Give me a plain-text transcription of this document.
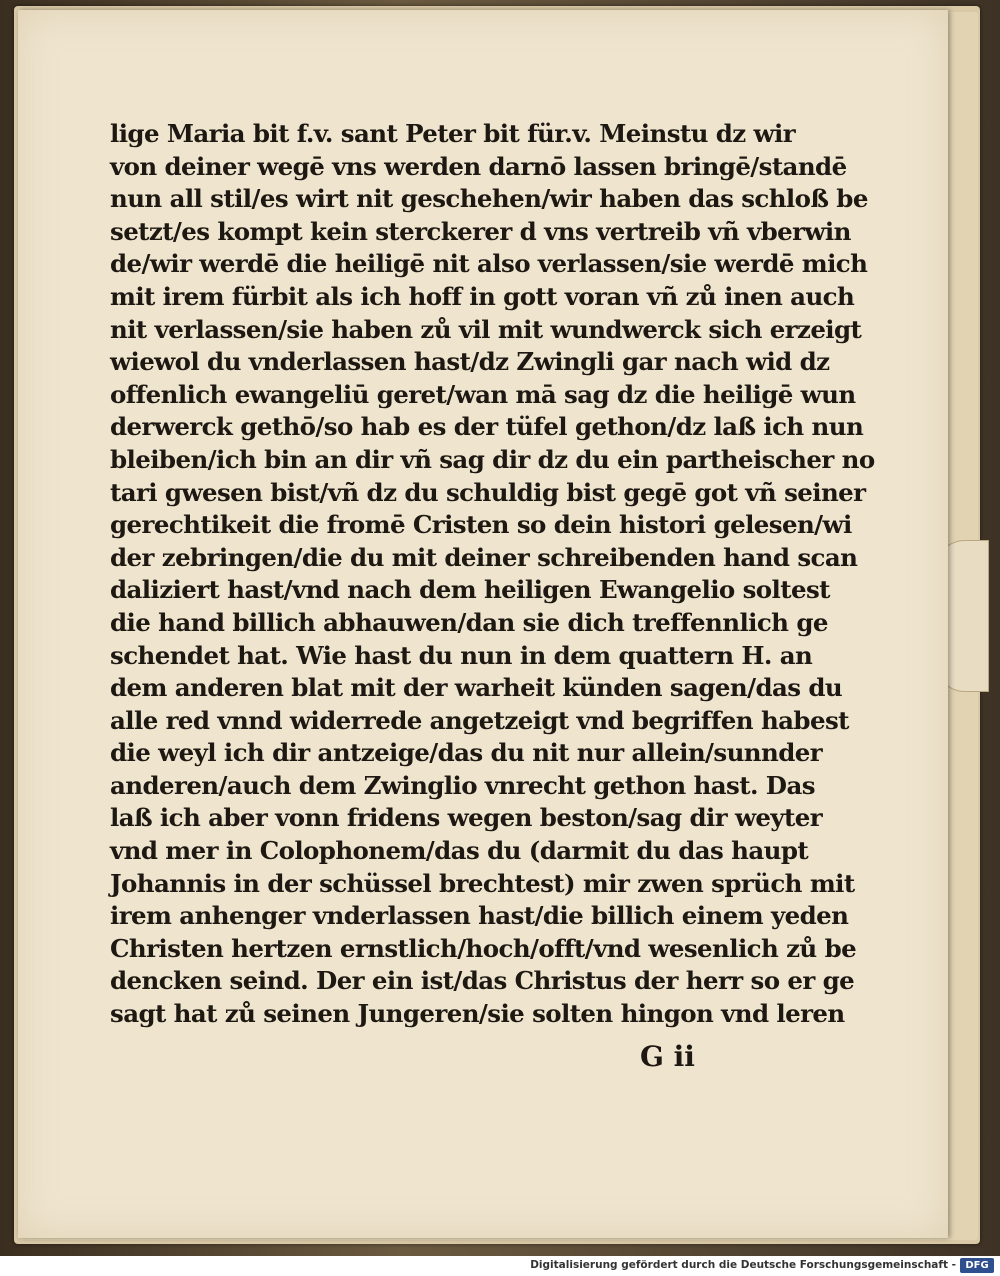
lige Maria bit f.v. sant Peter bit für.v. Meinstu dz wir
von deiner wegē vns werden darnō lassen bringē/standē
nun all stil/es wirt nit geschehen/wir haben das schloß be
setzt/es kompt kein sterckerer d vns vertreib vñ vberwin
de/wir werdē die heiligē nit also verlassen/sie werdē mich
mit irem fürbit als ich hoff in gott voran vñ zů inen auch
nit verlassen/sie haben zů vil mit wundwerck sich erzeigt
wiewol du vnderlassen hast/dz Zwingli gar nach wid dz
offenlich ewangeliū geret/wan mā sag dz die heiligē wun
derwerck gethō/so hab es der tüfel gethon/dz laß ich nun
bleiben/ich bin an dir vñ sag dir dz du ein partheischer no
tari gwesen bist/vñ dz du schuldig bist gegē got vñ seiner
gerechtikeit die fromē Cristen so dein histori gelesen/wi
der zebringen/die du mit deiner schreibenden hand scan
daliziert hast/vnd nach dem heiligen Ewangelio soltest
die hand billich abhauwen/dan sie dich treffennlich ge
schendet hat. Wie hast du nun in dem quattern H. an
dem anderen blat mit der warheit künden sagen/das du
alle red vnnd widerrede angetzeigt vnd begriffen habest
die weyl ich dir antzeige/das du nit nur allein/sunnder
anderen/auch dem Zwinglio vnrecht gethon hast. Das
laß ich aber vonn fridens wegen beston/sag dir weyter
vnd mer in Colophonem/das du (darmit du das haupt
Johannis in der schüssel brechtest) mir zwen sprüch mit
irem anhenger vnderlassen hast/die billich einem yeden
Christen hertzen ernstlich/hoch/offt/vnd wesenlich zů be
dencken seind. Der ein ist/das Christus der herr so er ge
sagt hat zů seinen Jungeren/sie solten hingon vnd leren
G ii
Digitalisierung gefördert durch die Deutsche Forschungsgemeinschaft - DFG
